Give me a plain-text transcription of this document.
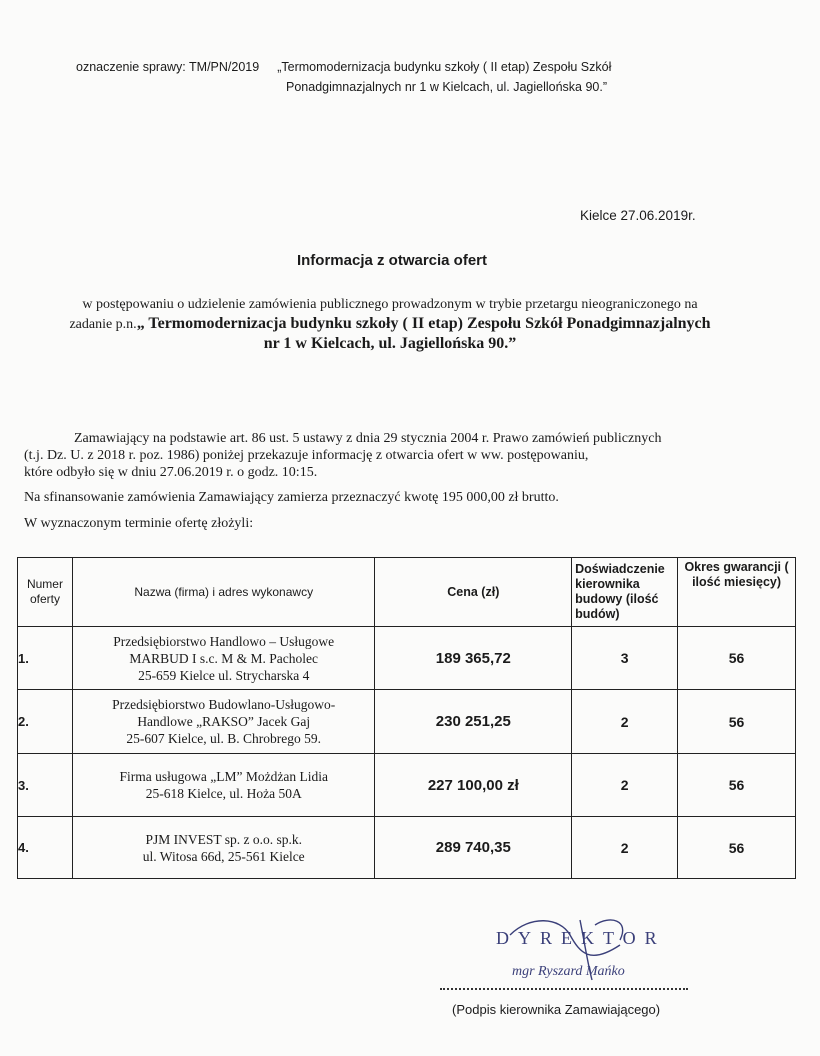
oznaczenie sprawy: TM/PN/2019 „Termomodernizacja budynku szkoły ( II etap) Zespołu Szkół
Ponadgimnazjalnych nr 1 w Kielcach, ul. Jagiellońska 90.”
Kielce 27.06.2019r.
Informacja z otwarcia ofert
w postępowaniu o udzielenie zamówienia publicznego prowadzonym w trybie przetargu nieograniczonego na
zadanie p.n.„ Termomodernizacja budynku szkoły ( II etap) Zespołu Szkół Ponadgimnazjalnych
nr 1 w Kielcach, ul. Jagiellońska 90.”
Zamawiający na podstawie art. 86 ust. 5 ustawy z dnia 29 stycznia 2004 r. Prawo zamówień publicznych
(t.j. Dz. U. z 2018 r. poz. 1986) poniżej przekazuje informację z otwarcia ofert w ww. postępowaniu,
które odbyło się w dniu 27.06.2019 r. o godz. 10:15.
Na sfinansowanie zamówienia Zamawiający zamierza przeznaczyć kwotę 195 000,00 zł brutto.
W wyznaczonym terminie ofertę złożyli:
Numer oferty	Nazwa (firma) i adres wykonawcy	Cena (zł)	Doświadczenie kierownika budowy (ilość budów)	Okres gwarancji ( ilość miesięcy)

1.	Przedsiębiorstwo Handlowo – Usługowe
MARBUD I s.c. M & M. Pacholec
25-659 Kielce ul. Strycharska 4	189 365,72	3	56
2.	Przedsiębiorstwo Budowlano-Usługowo-
Handlowe „RAKSO” Jacek Gaj
25-607 Kielce, ul. B. Chrobrego 59.	230 251,25	2	56
3.	Firma usługowa „LM” Możdżan Lidia
25-618 Kielce, ul. Hoża 50A	227 100,00 zł	2	56
4.	PJM INVEST sp. z o.o. sp.k.
ul. Witosa 66d, 25-561 Kielce	289 740,35	2	56
DYREKTOR
mgr Ryszard Mańko
(Podpis kierownika Zamawiającego)
